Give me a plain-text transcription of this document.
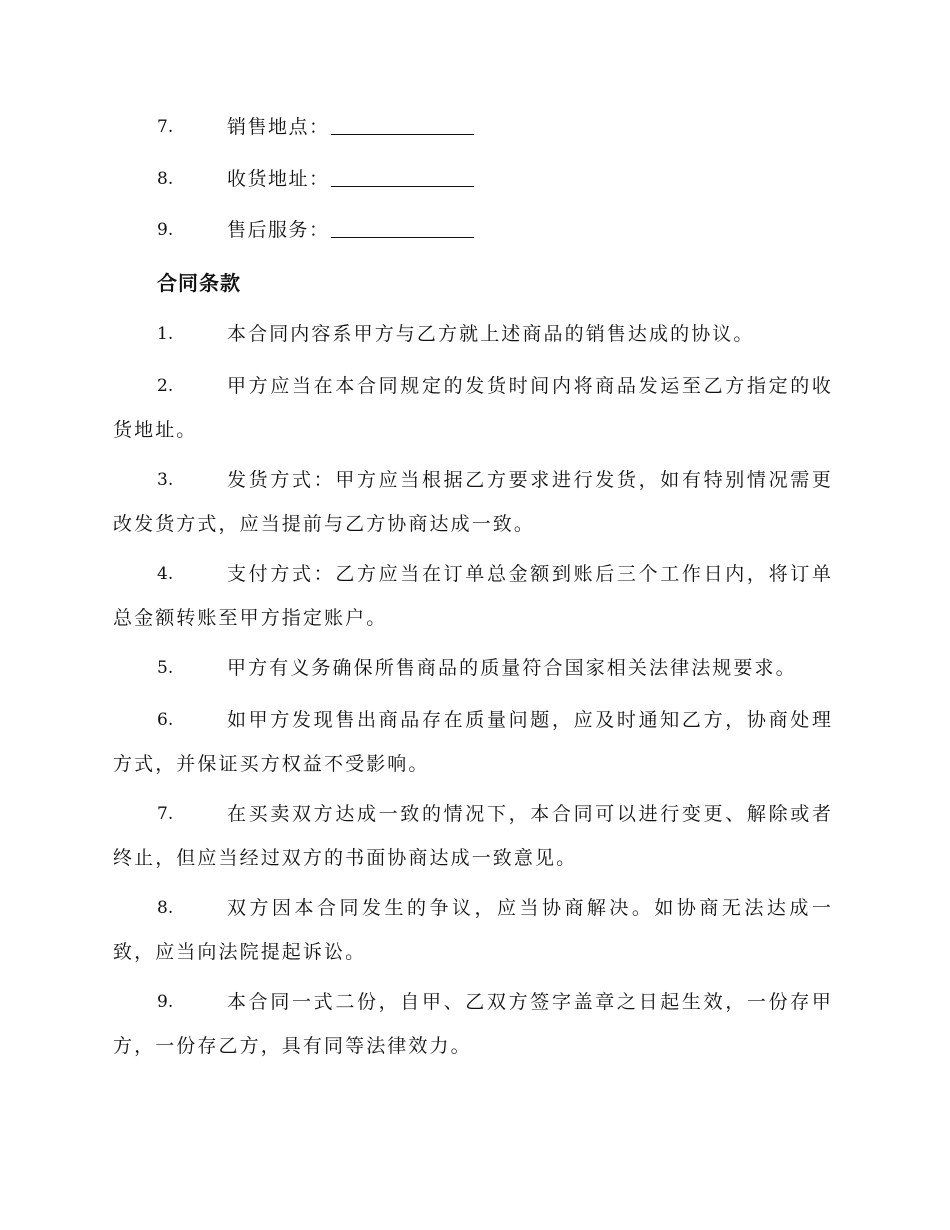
7.	销售地点：
8.	收货地址：
9.	售后服务：
合同条款
1.	本合同内容系甲方与乙方就上述商品的销售达成的协议。
2.	甲方应当在本合同规定的发货时间内将商品发运至乙方指定的收货地址。
3.	发货方式：甲方应当根据乙方要求进行发货，如有特别情况需更改发货方式，应当提前与乙方协商达成一致。
4.	支付方式：乙方应当在订单总金额到账后三个工作日内，将订单总金额转账至甲方指定账户。
5.	甲方有义务确保所售商品的质量符合国家相关法律法规要求。
6.	如甲方发现售出商品存在质量问题，应及时通知乙方，协商处理方式，并保证买方权益不受影响。
7.	在买卖双方达成一致的情况下，本合同可以进行变更、解除或者终止，但应当经过双方的书面协商达成一致意见。
8.	双方因本合同发生的争议，应当协商解决。如协商无法达成一致，应当向法院提起诉讼。
9.	本合同一式二份，自甲、乙双方签字盖章之日起生效，一份存甲方，一份存乙方，具有同等法律效力。
